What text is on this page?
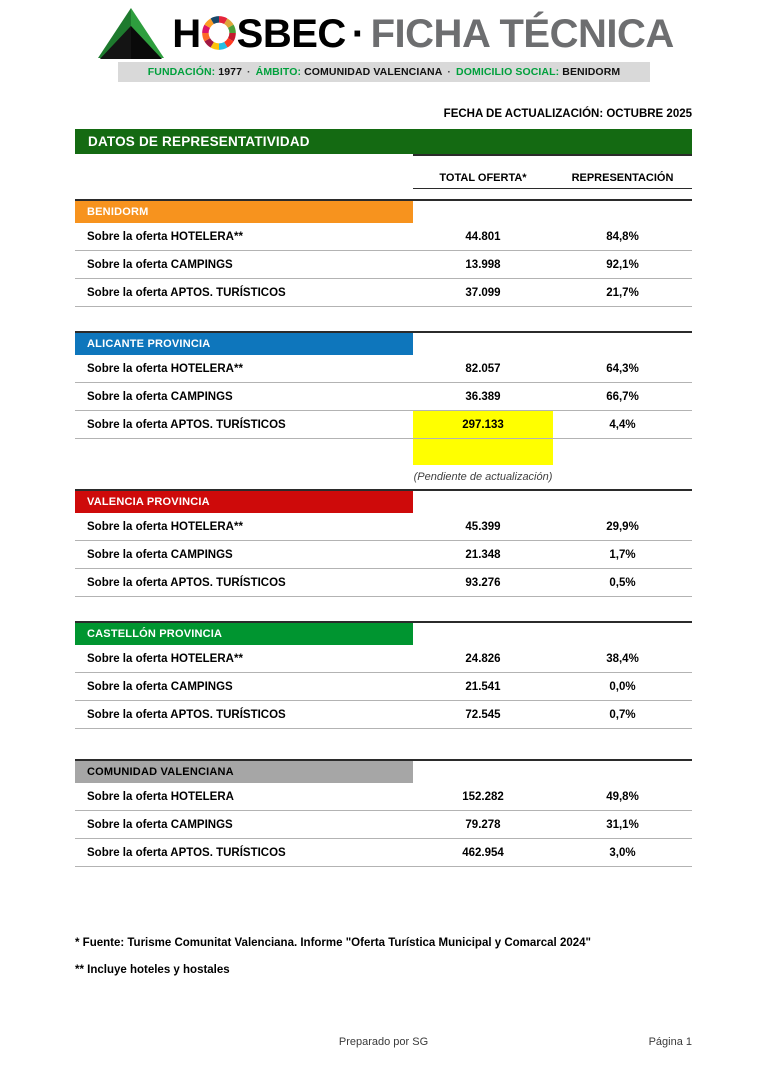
H SBEC · FICHA TÉCNICA
FUNDACIÓN:
1977 · ÁMBITO:
COMUNIDAD VALENCIANA · DOMICILIO SOCIAL:
BENIDORM
FECHA DE ACTUALIZACIÓN: OCTUBRE 2025
DATOS DE REPRESENTATIVIDAD
	TOTAL OFERTA*	REPRESENTACIÓN

BENIDORM		
Sobre la oferta HOTELERA**	44.801	84,8%
Sobre la oferta CAMPINGS	13.998	92,1%
Sobre la oferta APTOS. TURÍSTICOS	37.099	21,7%

ALICANTE PROVINCIA		
Sobre la oferta HOTELERA**	82.057	64,3%
Sobre la oferta CAMPINGS	36.389	66,7%
Sobre la oferta APTOS. TURÍSTICOS	297.133	4,4%

	(Pendiente de actualización)	
VALENCIA PROVINCIA		
Sobre la oferta HOTELERA**	45.399	29,9%
Sobre la oferta CAMPINGS	21.348	1,7%
Sobre la oferta APTOS. TURÍSTICOS	93.276	0,5%

CASTELLÓN PROVINCIA		
Sobre la oferta HOTELERA**	24.826	38,4%
Sobre la oferta CAMPINGS	21.541	0,0%
Sobre la oferta APTOS. TURÍSTICOS	72.545	0,7%

COMUNIDAD VALENCIANA		
Sobre la oferta HOTELERA	152.282	49,8%
Sobre la oferta CAMPINGS	79.278	31,1%
Sobre la oferta APTOS. TURÍSTICOS	462.954	3,0%
* Fuente: Turisme Comunitat Valenciana. Informe "Oferta Turística Municipal y Comarcal 2024"
** Incluye hoteles y hostales
Preparado por SG	Página 1
